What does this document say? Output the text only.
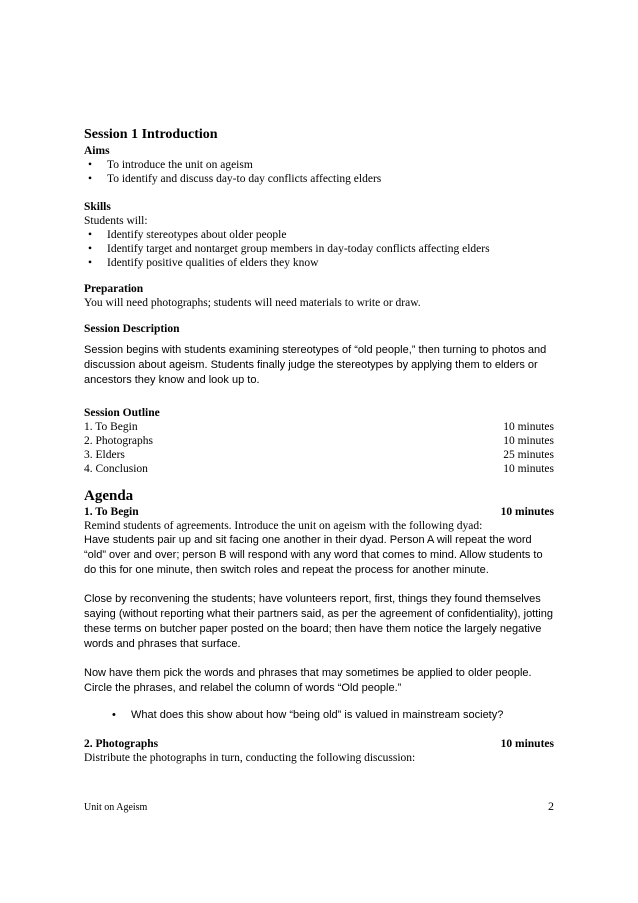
Session 1 Introduction
Aims
• To introduce the unit on ageism
• To identify and discuss day-to day conflicts affecting elders
Skills

Students will:

• Identify stereotypes about older people
• Identify target and nontarget group members in day-today conflicts affecting elders
• Identify positive qualities of elders they know
Preparation

You will need photographs; students will need materials to write or draw.

Session Description

Session begins with students examining stereotypes of “old people,” then turning to photos and discussion about ageism. Students finally judge the stereotypes by applying them to elders or ancestors they know and look up to.

Session Outline
1. To Begin	10 minutes
2. Photographs	10 minutes
3. Elders	25 minutes
4. Conclusion	10 minutes
Agenda
1. To Begin	10 minutes

Remind students of agreements. Introduce the unit on ageism with the following dyad:

Have students pair up and sit facing one another in their dyad. Person A will repeat the word “old” over and over; person B will respond with any word that comes to mind. Allow students to do this for one minute, then switch roles and repeat the process for another minute.

Close by reconvening the students; have volunteers report, first, things they found themselves saying (without reporting what their partners said, as per the agreement of confidentiality), jotting these terms on butcher paper posted on the board; then have them notice the largely negative words and phrases that surface.

Now have them pick the words and phrases that may sometimes be applied to older people. Circle the phrases, and relabel the column of words “Old people.”

• What does this show about how “being old” is valued in mainstream society?
2. Photographs	10 minutes

Distribute the photographs in turn, conducting the following discussion:

Unit on Ageism	2
